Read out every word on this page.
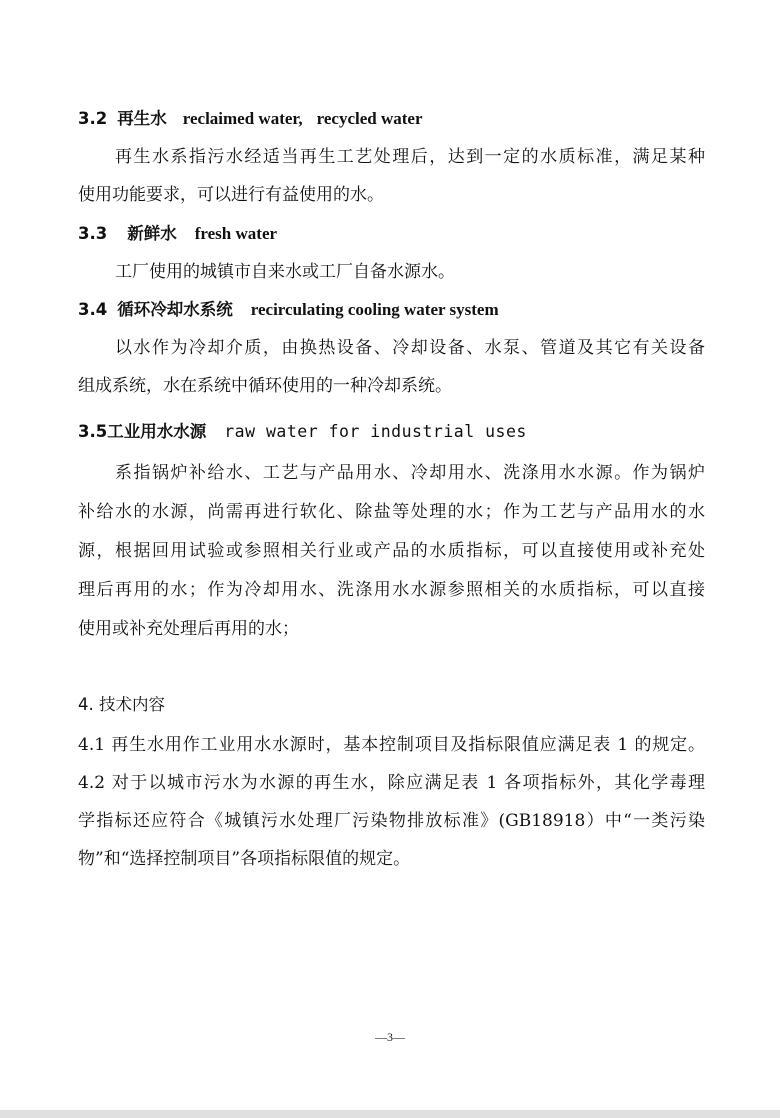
3.2 再生水 reclaimed water, recycled water
再生水系指污水经适当再生工艺处理后，达到一定的水质标准，满足某种
使用功能要求，可以进行有益使用的水。
3.3 新鲜水 fresh water
工厂使用的城镇市自来水或工厂自备水源水。
3.4 循环冷却水系统 recirculating cooling water system
以水作为冷却介质，由换热设备、冷却设备、水泵、管道及其它有关设备
组成系统，水在系统中循环使用的一种冷却系统。
3.5工业用水水源 raw water for industrial uses
系指锅炉补给水、工艺与产品用水、冷却用水、洗涤用水水源。作为锅炉
补给水的水源，尚需再进行软化、除盐等处理的水；作为工艺与产品用水的水
源，根据回用试验或参照相关行业或产品的水质指标，可以直接使用或补充处
理后再用的水；作为冷却用水、洗涤用水水源参照相关的水质指标，可以直接
使用或补充处理后再用的水；
4. 技术内容
4.1 再生水用作工业用水水源时，基本控制项目及指标限值应满足表 1 的规定。
4.2 对于以城市污水为水源的再生水，除应满足表 1 各项指标外，其化学毒理
学指标还应符合《城镇污水处理厂污染物排放标准》(GB18918）中“一类污染
物”和“选择控制项目”各项指标限值的规定。
—3—
